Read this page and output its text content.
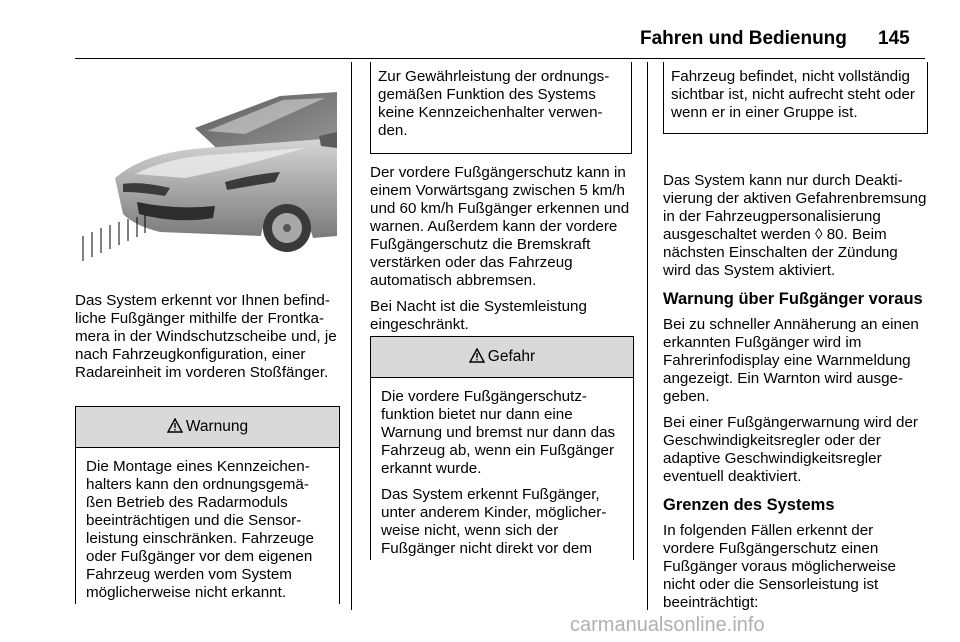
Fahren und Bedienung 145

Das System erkennt vor Ihnen befindliche Fußgänger mithilfe der Frontkamera in der Windschutzscheibe und, je nach Fahrzeugkonfiguration, einer Radareinheit im vorderen Stoßfänger.

Warnung

Die Montage eines Kennzeichenhalters kann den ordnungsgemäßen Betrieb des Radarmoduls beeinträchtigen und die Sensorleistung einschränken. Fahrzeuge oder Fußgänger vor dem eigenen Fahrzeug werden vom System möglicherweise nicht erkannt.

Zur Gewährleistung der ordnungsgemäßen Funktion des Systems keine Kennzeichenhalter verwenden.

Der vordere Fußgängerschutz kann in einem Vorwärtsgang zwischen 5 km/h und 60 km/h Fußgänger erkennen und warnen. Außerdem kann der vordere Fußgängerschutz die Bremskraft verstärken oder das Fahrzeug automatisch abbremsen.

Bei Nacht ist die Systemleistung eingeschränkt.

Gefahr

Die vordere Fußgängerschutzfunktion bietet nur dann eine Warnung und bremst nur dann das Fahrzeug ab, wenn ein Fußgänger erkannt wurde.

Das System erkennt Fußgänger, unter anderem Kinder, möglicherweise nicht, wenn sich der Fußgänger nicht direkt vor dem

Fahrzeug befindet, nicht vollständig sichtbar ist, nicht aufrecht steht oder wenn er in einer Gruppe ist.

Das System kann nur durch Deaktivierung der aktiven Gefahrenbremsung in der Fahrzeugpersonalisierung ausgeschaltet werden ◊ 80. Beim nächsten Einschalten der Zündung wird das System aktiviert.

Warnung über Fußgänger voraus

Bei zu schneller Annäherung an einen erkannten Fußgänger wird im Fahrerinfodisplay eine Warnmeldung angezeigt. Ein Warnton wird ausgegeben.

Bei einer Fußgängerwarnung wird der Geschwindigkeitsregler oder der adaptive Geschwindigkeitsregler eventuell deaktiviert.

Grenzen des Systems

In folgenden Fällen erkennt der vordere Fußgängerschutz einen Fußgänger voraus möglicherweise nicht oder die Sensorleistung ist beeinträchtigt:

carmanualsonline.info
